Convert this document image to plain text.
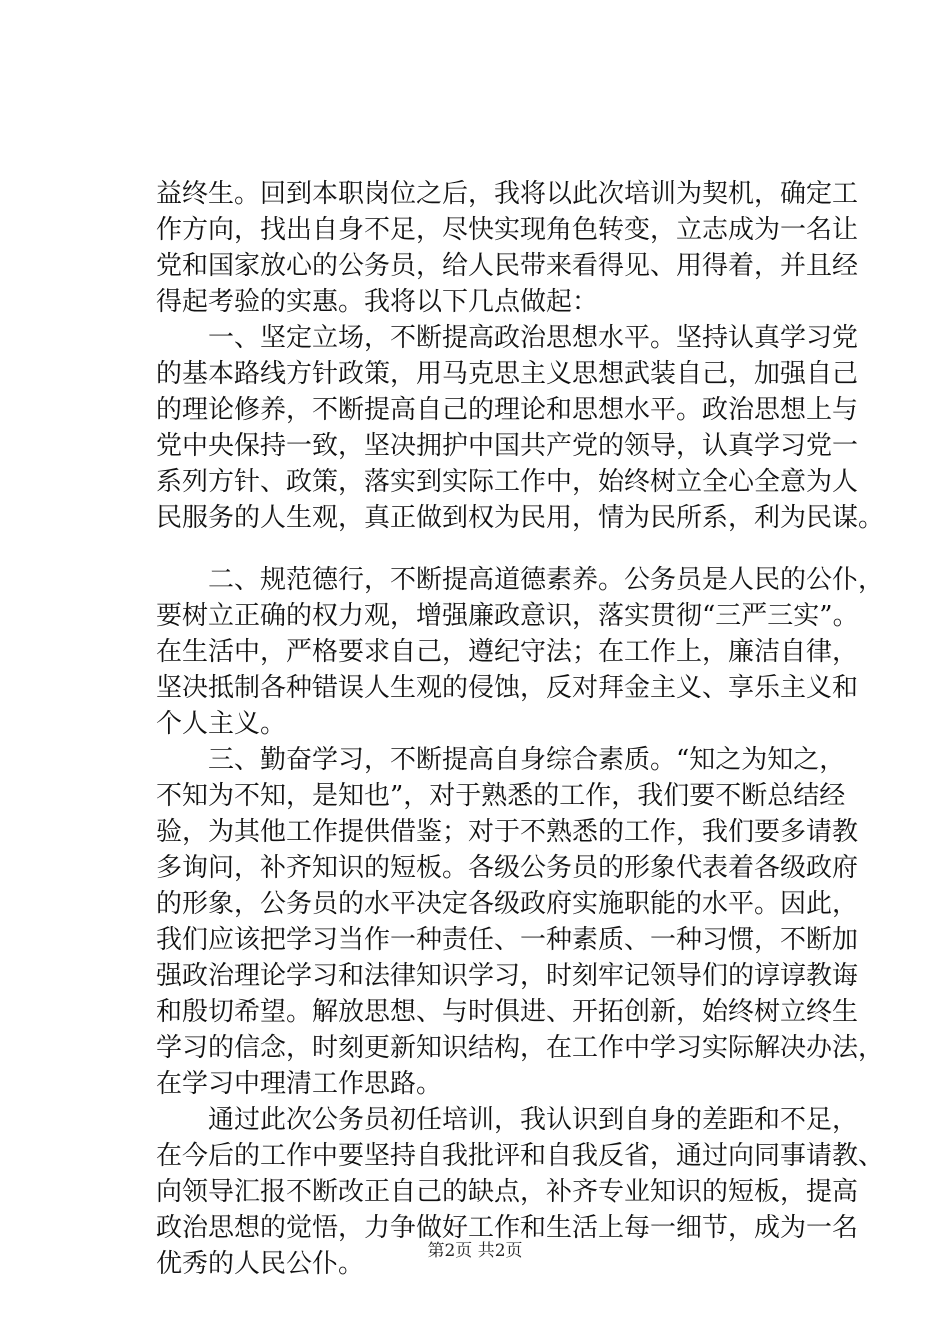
益终生。回到本职岗位之后，我将以此次培训为契机，确定工
作方向，找出自身不足，尽快实现角色转变，立志成为一名让
党和国家放心的公务员，给人民带来看得见、用得着，并且经
得起考验的实惠。我将以下几点做起：
　　一、坚定立场，不断提高政治思想水平。坚持认真学习党
的基本路线方针政策，用马克思主义思想武装自己，加强自己
的理论修养，不断提高自己的理论和思想水平。政治思想上与
党中央保持一致，坚决拥护中国共产党的领导，认真学习党一
系列方针、政策，落实到实际工作中，始终树立全心全意为人
民服务的人生观，真正做到权为民用，情为民所系，利为民谋。
　　二、规范德行，不断提高道德素养。公务员是人民的公仆，
要树立正确的权力观，增强廉政意识，落实贯彻“三严三实”。
在生活中，严格要求自己，遵纪守法；在工作上，廉洁自律，
坚决抵制各种错误人生观的侵蚀，反对拜金主义、享乐主义和
个人主义。
　　三、勤奋学习，不断提高自身综合素质。“知之为知之，
不知为不知，是知也”，对于熟悉的工作，我们要不断总结经
验，为其他工作提供借鉴；对于不熟悉的工作，我们要多请教
多询问，补齐知识的短板。各级公务员的形象代表着各级政府
的形象，公务员的水平决定各级政府实施职能的水平。因此，
我们应该把学习当作一种责任、一种素质、一种习惯，不断加
强政治理论学习和法律知识学习，时刻牢记领导们的谆谆教诲
和殷切希望。解放思想、与时俱进、开拓创新，始终树立终生
学习的信念，时刻更新知识结构，在工作中学习实际解决办法，
在学习中理清工作思路。
　　通过此次公务员初任培训，我认识到自身的差距和不足，
在今后的工作中要坚持自我批评和自我反省，通过向同事请教、
向领导汇报不断改正自己的缺点，补齐专业知识的短板，提高
政治思想的觉悟，力争做好工作和生活上每一细节，成为一名
优秀的人民公仆。	第2页 共2页
